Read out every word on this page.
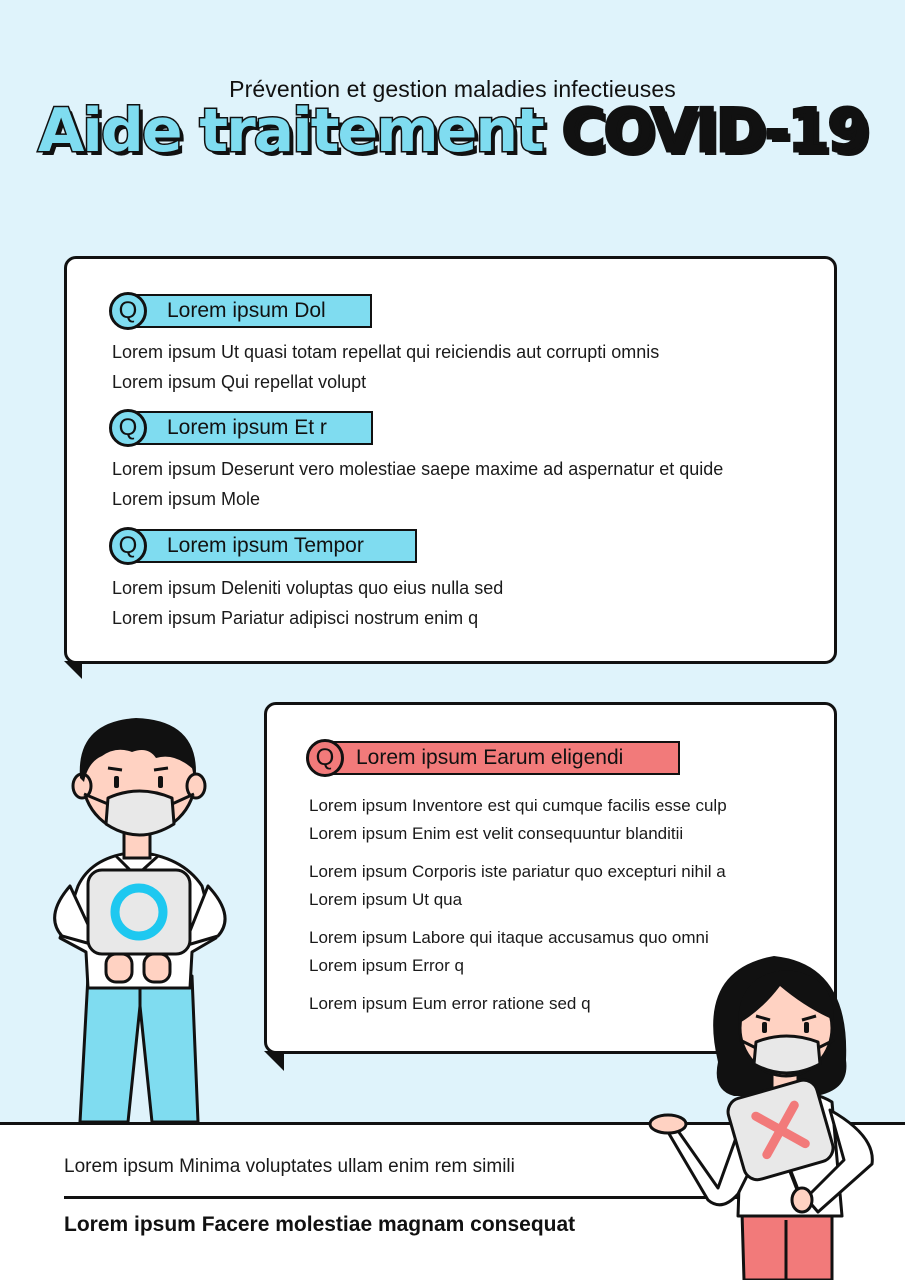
Prévention et gestion maladies infectieuses
Aide traitement COVID-19
Q	Lorem ipsum Dol
Lorem ipsum Ut quasi totam repellat qui reiciendis aut corrupti omnis
Lorem ipsum Qui repellat volupt
Q	Lorem ipsum Et r
Lorem ipsum Deserunt vero molestiae saepe maxime ad aspernatur et quide
Lorem ipsum Mole
Q	Lorem ipsum Tempor
Lorem ipsum Deleniti voluptas quo eius nulla sed
Lorem ipsum Pariatur adipisci nostrum enim q
Q	Lorem ipsum Earum eligendi
Lorem ipsum Inventore est qui cumque facilis esse culp
Lorem ipsum Enim est velit consequuntur blanditii
Lorem ipsum Corporis iste pariatur quo excepturi nihil a
Lorem ipsum Ut qua
Lorem ipsum Labore qui itaque accusamus quo omni
Lorem ipsum Error q
Lorem ipsum Eum error ratione sed q
Lorem ipsum Minima voluptates ullam enim rem simili
Lorem ipsum Facere molestiae magnam consequat
